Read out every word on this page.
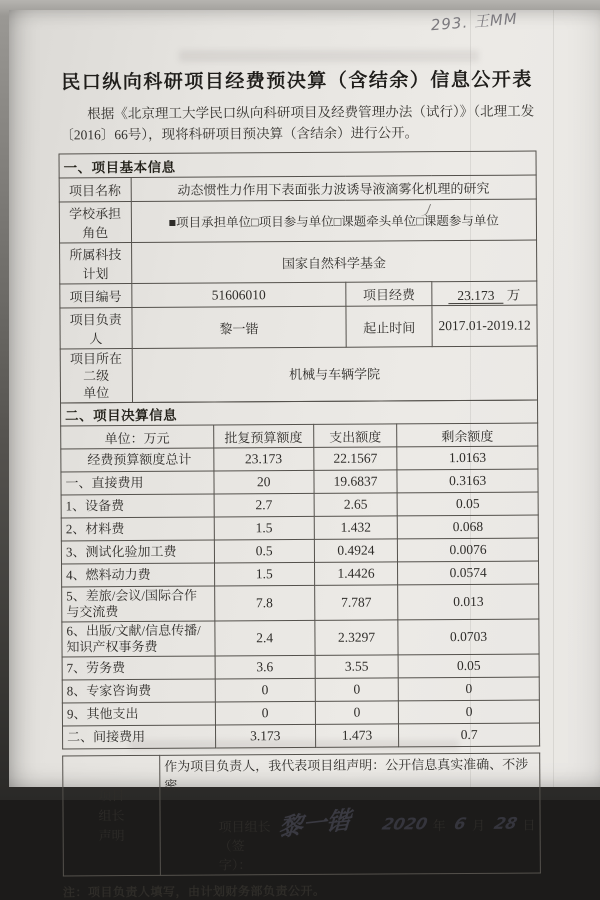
293. 王MM
民口纵向科研项目经费预决算（含结余）信息公开表

根据《北京理工大学民口纵向科研项目及经费管理办法（试行）》（北理工发〔2016〕66号），现将科研项目预决算（含结余）进行公开。

一、项目基本信息			
项目名称	动态惯性力作用下表面张力波诱导液滴雾化机理的研究		
学校承担角色	■项目承担单位□项目参与单位□课题牵头单位□课题参与单位		

所属科技计划	国家自然科学基金		
项目编号	51606010	项目经费	23.173 万
项目负责人	黎一锴	起止时间	2017.01-2019.12

项目所在二级
单位	机械与车辆学院		
二、项目决算信息			
单位：万元	批复预算额度	支出额度	剩余额度
经费预算额度总计	23.173	22.1567	1.0163
一、直接费用	20	19.6837	0.3163
1、设备费	2.7	2.65	0.05
2、材料费	1.5	1.432	0.068
3、测试化验加工费	0.5	0.4924	0.0076
4、燃料动力费	1.5	1.4426	0.0574
5、差旅/会议/国际合作与交流费	7.8	7.787	0.013
6、出版/文献/信息传播/知识产权事务费	2.4	2.3297	0.0703
7、劳务费	3.6	3.55	0.05
8、专家咨询费	0	0	0
9、其他支出	0	0	0
二、间接费用	3.173	1.473	0.7
项目
组长
声明

作为项目负责人，我代表项目组声明：公开信息真实准确、不涉密。
项目组长（签字）：
黎一锴 2020 年 6 月 28 日

注：项目负责人填写，由计划财务部负责公开。
